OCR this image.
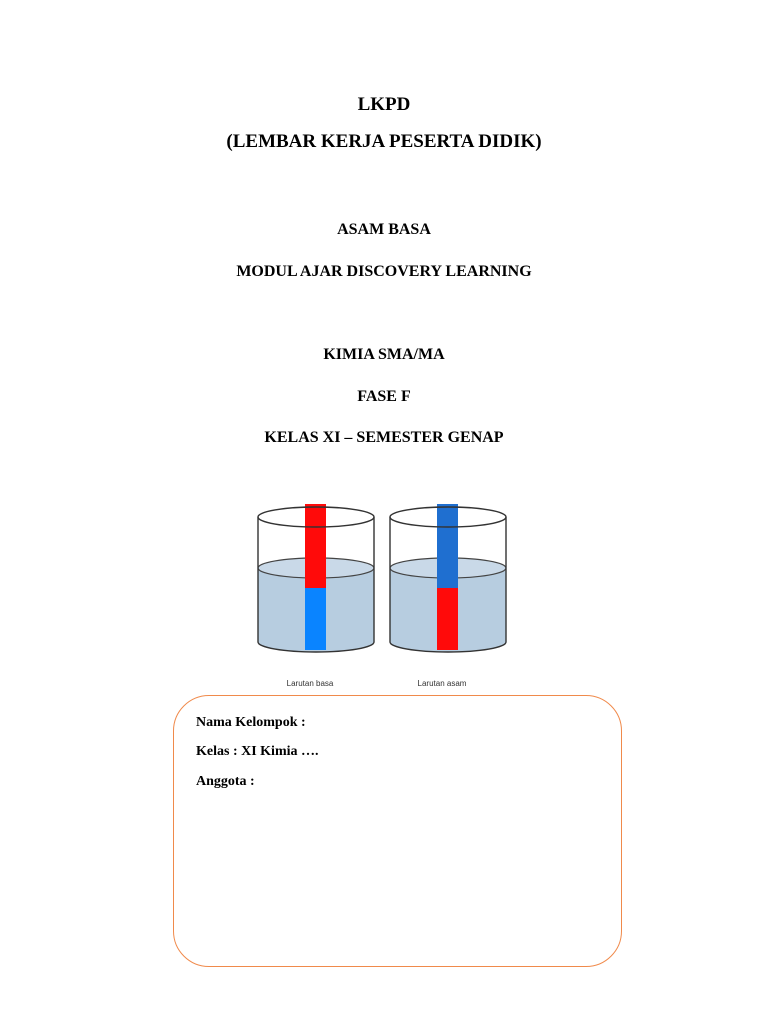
LKPD
(LEMBAR KERJA PESERTA DIDIK)
ASAM BASA
MODUL AJAR DISCOVERY LEARNING
KIMIA SMA/MA
FASE F
KELAS XI – SEMESTER GENAP
Larutan basa	Larutan asam
Nama Kelompok :
Kelas : XI Kimia ….
Anggota :
